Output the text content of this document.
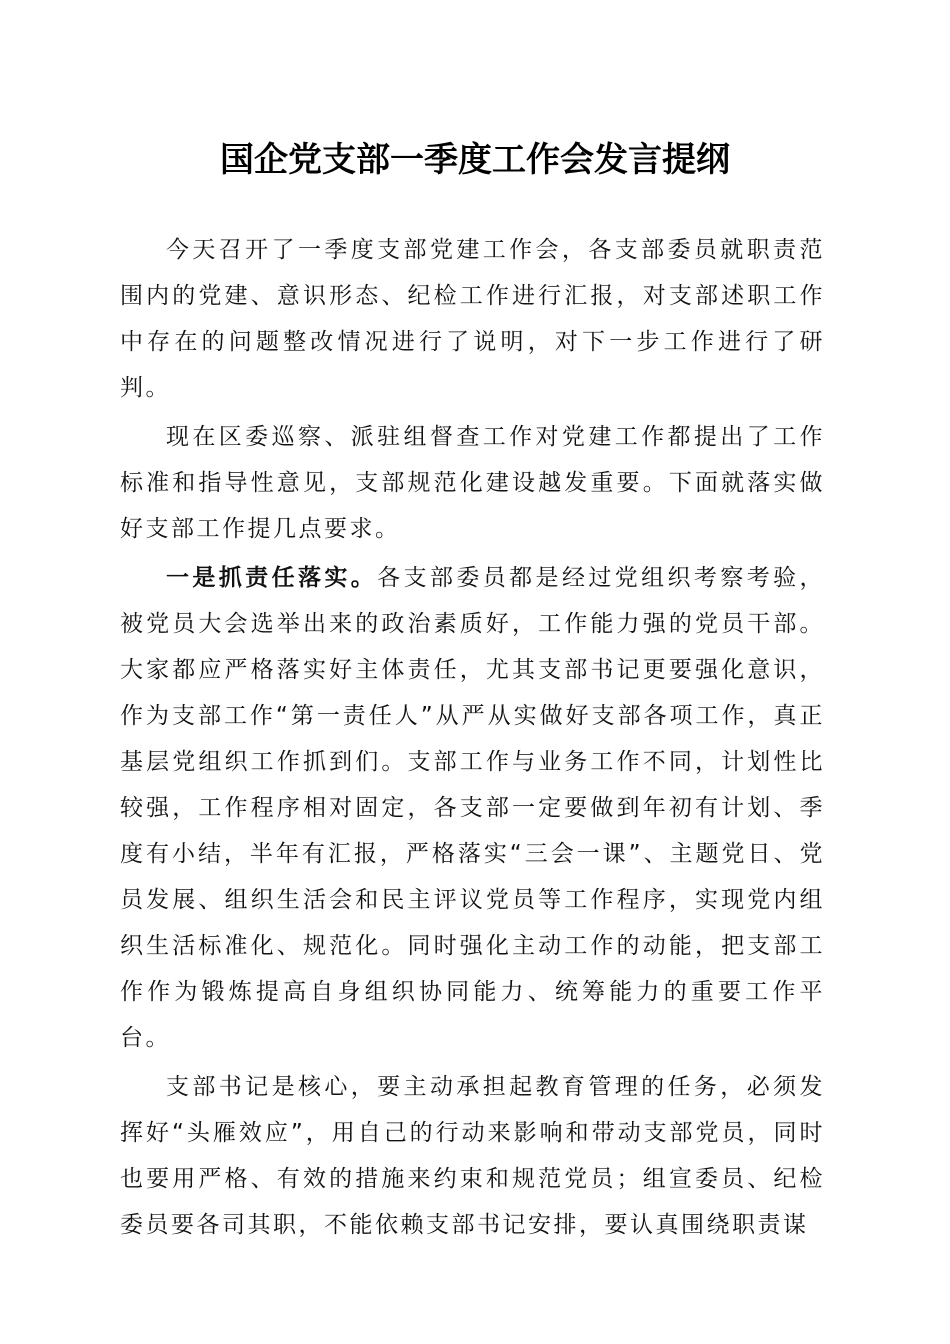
国企党支部一季度工作会发言提纲

今天召开了一季度支部党建工作会，各支部委员就职责范围内的党建、意识形态、纪检工作进行汇报，对支部述职工作中存在的问题整改情况进行了说明，对下一步工作进行了研判。

现在区委巡察、派驻组督查工作对党建工作都提出了工作标准和指导性意见，支部规范化建设越发重要。下面就落实做好支部工作提几点要求。

一是抓责任落实。各支部委员都是经过党组织考察考验，被党员大会选举出来的政治素质好，工作能力强的党员干部。大家都应严格落实好主体责任，尤其支部书记更要强化意识，作为支部工作“第一责任人”从严从实做好支部各项工作，真正基层党组织工作抓到们。支部工作与业务工作不同，计划性比较强，工作程序相对固定，各支部一定要做到年初有计划、季度有小结，半年有汇报，严格落实“三会一课”、主题党日、党员发展、组织生活会和民主评议党员等工作程序，实现党内组织生活标准化、规范化。同时强化主动工作的动能，把支部工作作为锻炼提高自身组织协同能力、统筹能力的重要工作平台。

支部书记是核心，要主动承担起教育管理的任务，必须发挥好“头雁效应”，用自己的行动来影响和带动支部党员，同时也要用严格、有效的措施来约束和规范党员；组宣委员、纪检委员要各司其职，不能依赖支部书记安排，要认真围绕职责谋
